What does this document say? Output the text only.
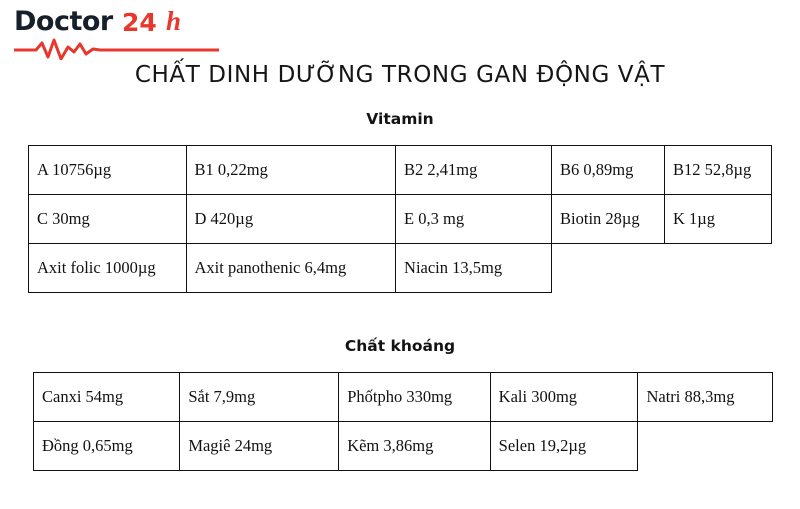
Doctor 24 h
CHẤT DINH DƯỠNG TRONG GAN ĐỘNG VẬT
Vitamin
A 10756µg	B1 0,22mg	B2 2,41mg	B6 0,89mg	B12 52,8µg
C 30mg	D 420µg	E 0,3 mg	Biotin 28µg	K 1µg
Axit folic 1000µg	Axit panothenic 6,4mg	Niacin 13,5mg		
Chất khoáng
Canxi 54mg	Sắt 7,9mg	Phốtpho 330mg	Kali 300mg	Natri 88,3mg
Đồng 0,65mg	Magiê 24mg	Kẽm 3,86mg	Selen 19,2µg	
